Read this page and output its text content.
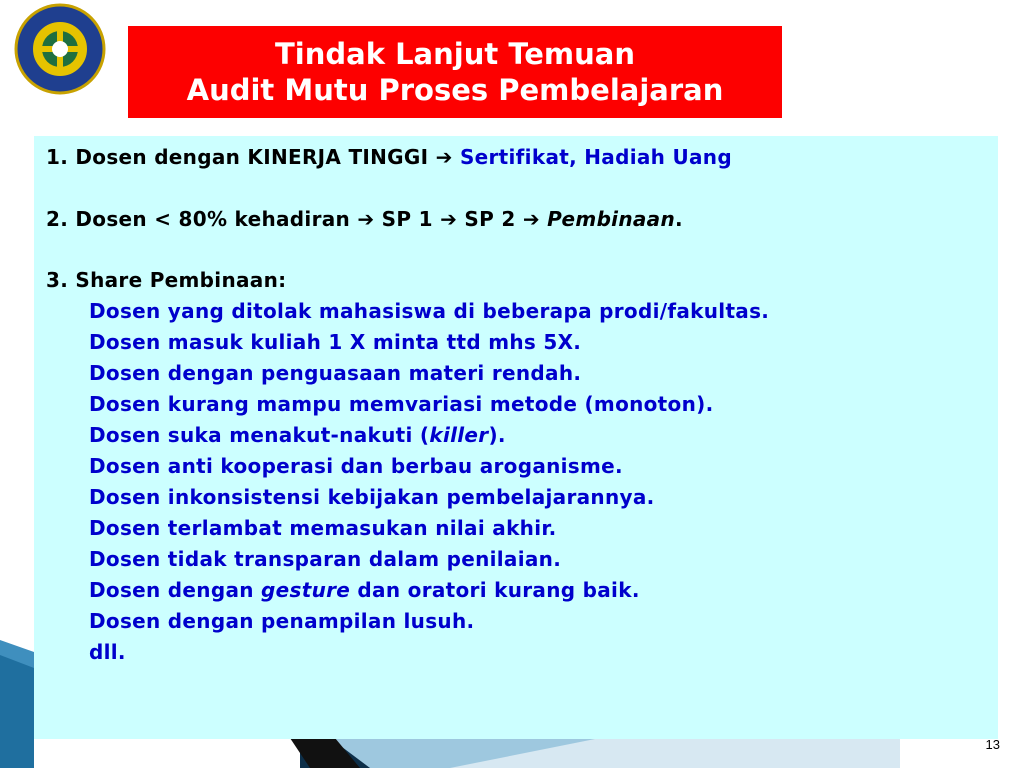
Tindak Lanjut Temuan
Audit Mutu Proses Pembelajaran
1. Dosen dengan KINERJA TINGGI ➔ Sertifikat, Hadiah Uang
2. Dosen < 80% kehadiran ➔ SP 1 ➔ SP 2 ➔ Pembinaan.
3. Share Pembinaan:
Dosen yang ditolak mahasiswa di beberapa prodi/fakultas.
Dosen masuk kuliah 1 X minta ttd mhs 5X.
Dosen dengan penguasaan materi rendah.
Dosen kurang mampu memvariasi metode (monoton).
Dosen suka menakut-nakuti (killer).
Dosen anti kooperasi dan berbau aroganisme.
Dosen inkonsistensi kebijakan pembelajarannya.
Dosen terlambat memasukan nilai akhir.
Dosen tidak transparan dalam penilaian.
Dosen dengan gesture dan oratori kurang baik.
Dosen dengan penampilan lusuh.
dll.
13
